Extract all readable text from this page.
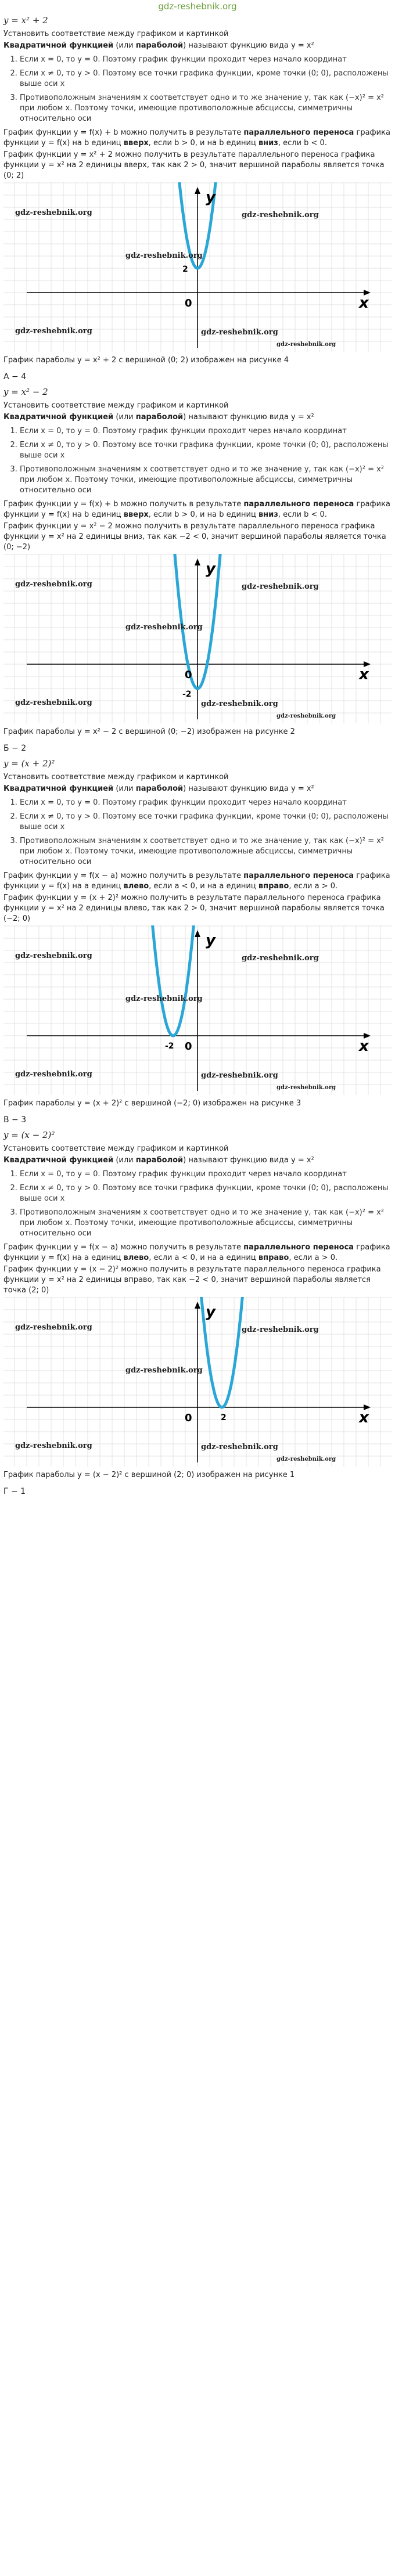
gdz-reshebnik.org
y = x² + 2
Установить соответствие между графиком и картинкой
Квадратичной функцией (или параболой) называют функцию вида y = x²
1. Если x = 0, то y = 0. Поэтому график функции проходит через начало координат
2. Если x ≠ 0, то y > 0. Поэтому все точки графика функции, кроме точки (0; 0), расположены выше оси x
3. Противоположным значениям x соответствует одно и то же значение y, так как (−x)² = x² при любом x. Поэтому точки, имеющие противоположные абсциссы, симметричны относительно оси
График функции y = f(x) + b можно получить в результате параллельного переноса графика функции y = f(x) на b единиц вверх, если b > 0, и на b единиц вниз, если b < 0.
График функции y = x² + 2 можно получить в результате параллельного переноса графика функции y = x² на 2 единицы вверх, так как 2 > 0, значит вершиной параболы является точка (0; 2)
y
x
0
2
gdz-reshebnik.org	gdz-reshebnik.org
gdz-reshebnik.org
gdz-reshebnik.org	gdz-reshebnik.org
gdz-reshebnik.org
График параболы y = x² + 2 с вершиной (0; 2) изображен на рисунке 4
A − 4
y = x² − 2
Установить соответствие между графиком и картинкой
Квадратичной функцией (или параболой) называют функцию вида y = x²
1. Если x = 0, то y = 0. Поэтому график функции проходит через начало координат
2. Если x ≠ 0, то y > 0. Поэтому все точки графика функции, кроме точки (0; 0), расположены выше оси x
3. Противоположным значениям x соответствует одно и то же значение y, так как (−x)² = x² при любом x. Поэтому точки, имеющие противоположные абсциссы, симметричны относительно оси
График функции y = f(x) + b можно получить в результате параллельного переноса графика функции y = f(x) на b единиц вверх, если b > 0, и на b единиц вниз, если b < 0.
График функции y = x² − 2 можно получить в результате параллельного переноса графика функции y = x² на 2 единицы вниз, так как −2 < 0, значит вершиной параболы является точка (0; −2)
y
x
0
-2
gdz-reshebnik.org	gdz-reshebnik.org
gdz-reshebnik.org
gdz-reshebnik.org	gdz-reshebnik.org
gdz-reshebnik.org
График параболы y = x² − 2 с вершиной (0; −2) изображен на рисунке 2
Б − 2
y = (x + 2)²
Установить соответствие между графиком и картинкой
Квадратичной функцией (или параболой) называют функцию вида y = x²
1. Если x = 0, то y = 0. Поэтому график функции проходит через начало координат
2. Если x ≠ 0, то y > 0. Поэтому все точки графика функции, кроме точки (0; 0), расположены выше оси x
3. Противоположным значениям x соответствует одно и то же значение y, так как (−x)² = x² при любом x. Поэтому точки, имеющие противоположные абсциссы, симметричны относительно оси
График функции y = f(x − a) можно получить в результате параллельного переноса графика функции y = f(x) на a единиц влево, если a < 0, и на a единиц вправо, если a > 0.
График функции y = (x + 2)² можно получить в результате параллельного переноса графика функции y = x² на 2 единицы влево, так как 2 > 0, значит вершиной параболы является точка (−2; 0)
y
x
0
-2
gdz-reshebnik.org	gdz-reshebnik.org
gdz-reshebnik.org
gdz-reshebnik.org	gdz-reshebnik.org
gdz-reshebnik.org
График параболы y = (x + 2)² с вершиной (−2; 0) изображен на рисунке 3
В − 3
y = (x − 2)²
Установить соответствие между графиком и картинкой
Квадратичной функцией (или параболой) называют функцию вида y = x²
1. Если x = 0, то y = 0. Поэтому график функции проходит через начало координат
2. Если x ≠ 0, то y > 0. Поэтому все точки графика функции, кроме точки (0; 0), расположены выше оси x
3. Противоположным значениям x соответствует одно и то же значение y, так как (−x)² = x² при любом x. Поэтому точки, имеющие противоположные абсциссы, симметричны относительно оси
График функции y = f(x − a) можно получить в результате параллельного переноса графика функции y = f(x) на a единиц влево, если a < 0, и на a единиц вправо, если a > 0.
График функции y = (x − 2)² можно получить в результате параллельного переноса графика функции y = x² на 2 единицы вправо, так как −2 < 0, значит вершиной параболы является точка (2; 0)
y
x
0	2
gdz-reshebnik.org	gdz-reshebnik.org
gdz-reshebnik.org
gdz-reshebnik.org	gdz-reshebnik.org
gdz-reshebnik.org
График параболы y = (x − 2)² с вершиной (2; 0) изображен на рисунке 1
Г − 1
